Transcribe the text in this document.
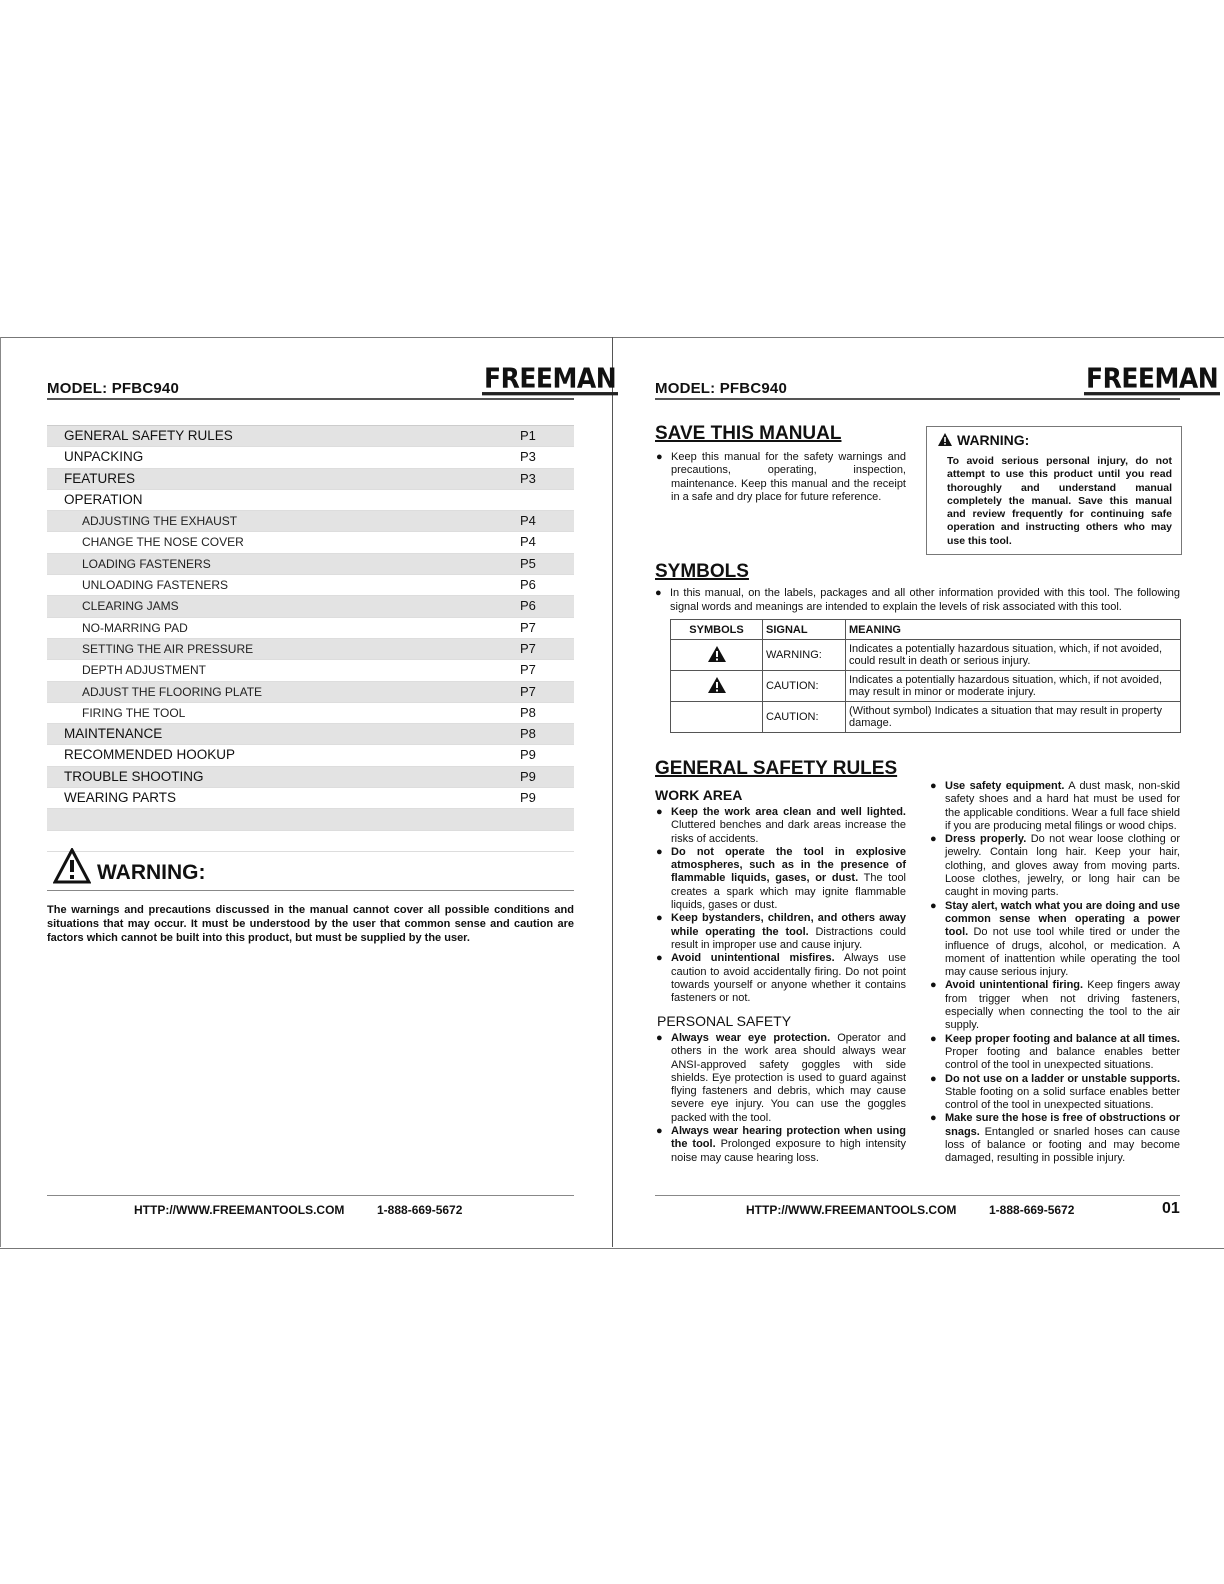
MODEL: PFBC940	FREEMAN
GENERAL SAFETY RULES	P1
UNPACKING	P3
FEATURES	P3
OPERATION
ADJUSTING THE EXHAUST	P4
CHANGE THE NOSE COVER	P4
LOADING FASTENERS	P5
UNLOADING FASTENERS	P6
CLEARING JAMS	P6
NO-MARRING PAD	P7
SETTING THE AIR PRESSURE	P7
DEPTH ADJUSTMENT	P7
ADJUST THE FLOORING PLATE	P7
FIRING THE TOOL	P8
MAINTENANCE	P8
RECOMMENDED HOOKUP	P9
TROUBLE SHOOTING	P9
WEARING PARTS	P9
WARNING:
The warnings and precautions discussed in the manual cannot cover all possible conditions and situations that may occur. It must be understood by the user that common sense and caution are factors which cannot be built into this product, but must be supplied by the user.
HTTP://WWW.FREEMANTOOLS.COM	1-888-669-5672
MODEL: PFBC940	FREEMAN
SAVE THIS MANUAL

● Keep this manual for the safety warnings and precautions, operating, inspection, maintenance. Keep this manual and the receipt in a safe and dry place for future reference.

WARNING:
To avoid serious personal injury, do not attempt to use this product until you read thoroughly and understand manual completely the manual. Save this manual and review frequently for continuing safe operation and instructing others who may use this tool.
SYMBOLS

● In this manual, on the labels, packages and all other information provided with this tool. The following signal words and meanings are intended to explain the levels of risk associated with this tool.

SYMBOLS	SIGNAL	MEANING
	WARNING:	Indicates a potentially hazardous situation, which, if not avoided, could result in death or serious injury.
	CAUTION:	Indicates a potentially hazardous situation, which, if not avoided, may result in minor or moderate injury.
	CAUTION:	(Without symbol) Indicates a situation that may result in property damage.
GENERAL SAFETY RULES
WORK AREA

● Keep the work area clean and well lighted. Cluttered benches and dark areas increase the risks of accidents.

● Do not operate the tool in explosive atmospheres, such as in the presence of flammable liquids, gases, or dust. The tool creates a spark which may ignite flammable liquids, gases or dust.

● Keep bystanders, children, and others away while operating the tool. Distractions could result in improper use and cause injury.

● Avoid unintentional misfires. Always use caution to avoid accidentally firing. Do not point towards yourself or anyone whether it contains fasteners or not.

PERSONAL SAFETY

● Always wear eye protection. Operator and others in the work area should always wear ANSI-approved safety goggles with side shields. Eye protection is used to guard against flying fasteners and debris, which may cause severe eye injury. You can use the goggles packed with the tool.

● Always wear hearing protection when using the tool. Prolonged exposure to high intensity noise may cause hearing loss.

● Use safety equipment. A dust mask, non-skid safety shoes and a hard hat must be used for the applicable conditions. Wear a full face shield if you are producing metal filings or wood chips.

● Dress properly. Do not wear loose clothing or jewelry. Contain long hair. Keep your hair, clothing, and gloves away from moving parts. Loose clothes, jewelry, or long hair can be caught in moving parts.

● Stay alert, watch what you are doing and use common sense when operating a power tool. Do not use tool while tired or under the influence of drugs, alcohol, or medication. A moment of inattention while operating the tool may cause serious injury.

● Avoid unintentional firing. Keep fingers away from trigger when not driving fasteners, especially when connecting the tool to the air supply.

● Keep proper footing and balance at all times. Proper footing and balance enables better control of the tool in unexpected situations.

● Do not use on a ladder or unstable supports. Stable footing on a solid surface enables better control of the tool in unexpected situations.

● Make sure the hose is free of obstructions or snags. Entangled or snarled hoses can cause loss of balance or footing and may become damaged, resulting in possible injury.

HTTP://WWW.FREEMANTOOLS.COM	1-888-669-5672	01
